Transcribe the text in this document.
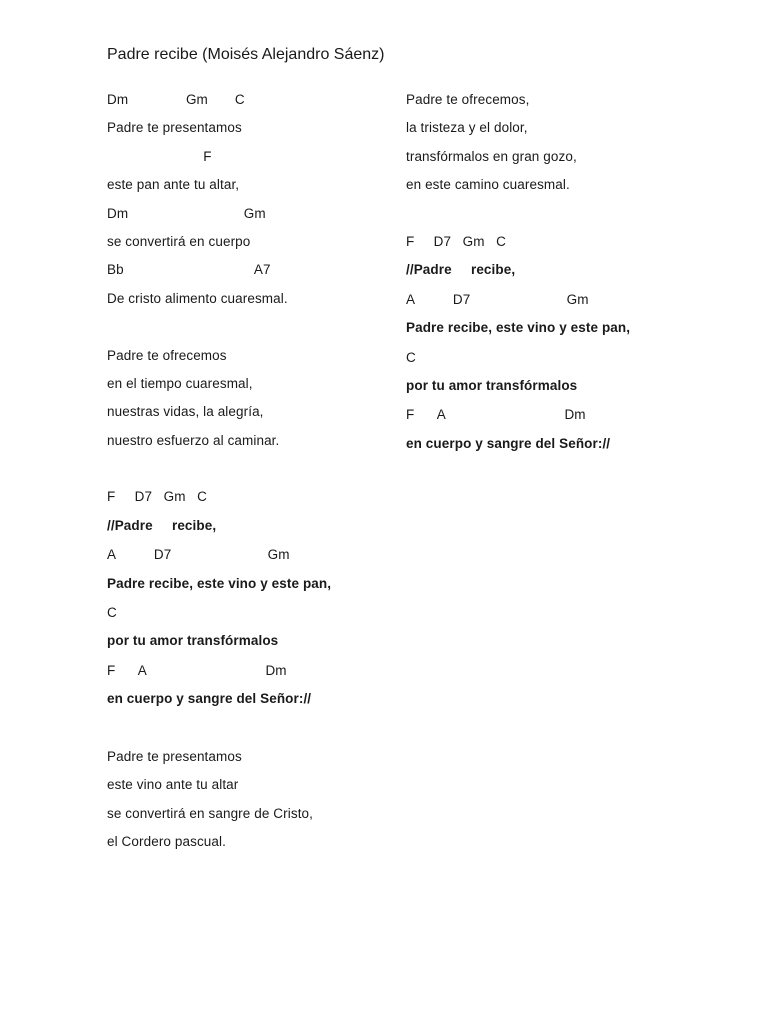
Padre recibe (Moisés Alejandro Sáenz)
Dm               Gm       C
Padre te presentamos
F
este pan ante tu altar,
Dm                              Gm
se convertirá en cuerpo
Bb                                  A7
De cristo alimento cuaresmal.
Padre te ofrecemos
en el tiempo cuaresmal,
nuestras vidas, la alegría,
nuestro esfuerzo al caminar.
F     D7   Gm   C
//Padre     recibe,
A          D7                         Gm
Padre recibe, este vino y este pan,
C
por tu amor transfórmalos
F      A                               Dm
en cuerpo y sangre del Señor://
Padre te presentamos
este vino ante tu altar
se convertirá en sangre de Cristo,
el Cordero pascual.
Padre te ofrecemos,
la tristeza y el dolor,
transfórmalos en gran gozo,
en este camino cuaresmal.
F     D7   Gm   C
//Padre     recibe,
A          D7                         Gm
Padre recibe, este vino y este pan,
C
por tu amor transfórmalos
F      A                               Dm
en cuerpo y sangre del Señor://
